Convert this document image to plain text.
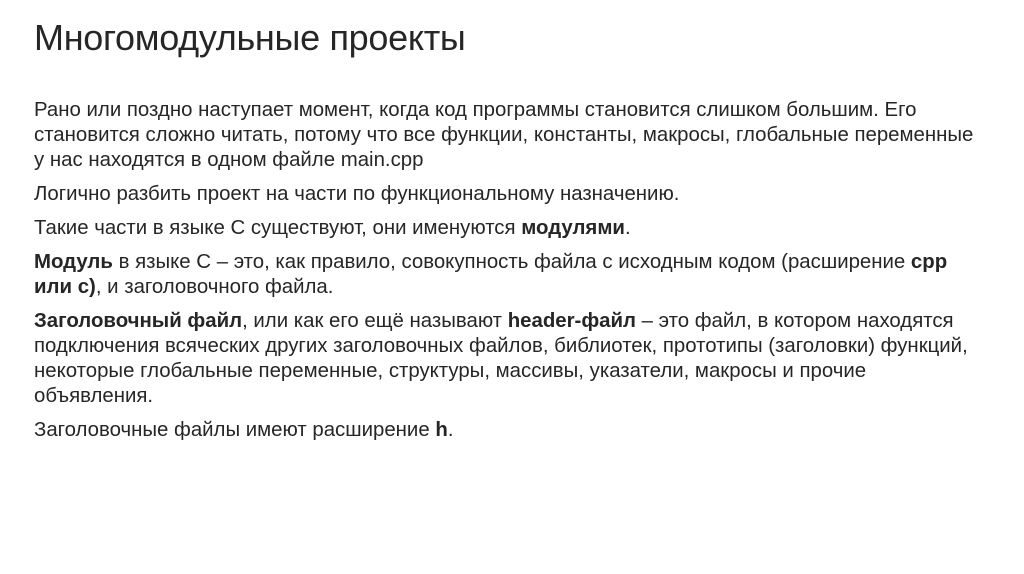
Многомодульные проекты

Рано или поздно наступает момент, когда код программы становится слишком большим. Его становится сложно читать, потому что все функции, константы, макросы, глобальные переменные у нас находятся в одном файле main.cpp

Логично разбить проект на части по функциональному назначению.

Такие части в языке С существуют, они именуются модулями.

Модуль в языке С – это, как правило, совокупность файла с исходным кодом (расширение cpp или c), и заголовочного файла.

Заголовочный файл, или как его ещё называют header-файл – это файл, в котором находятся подключения всяческих других заголовочных файлов, библиотек, прототипы (заголовки) функций, некоторые глобальные переменные, структуры, массивы, указатели, макросы и прочие объявления.

Заголовочные файлы имеют расширение h.
